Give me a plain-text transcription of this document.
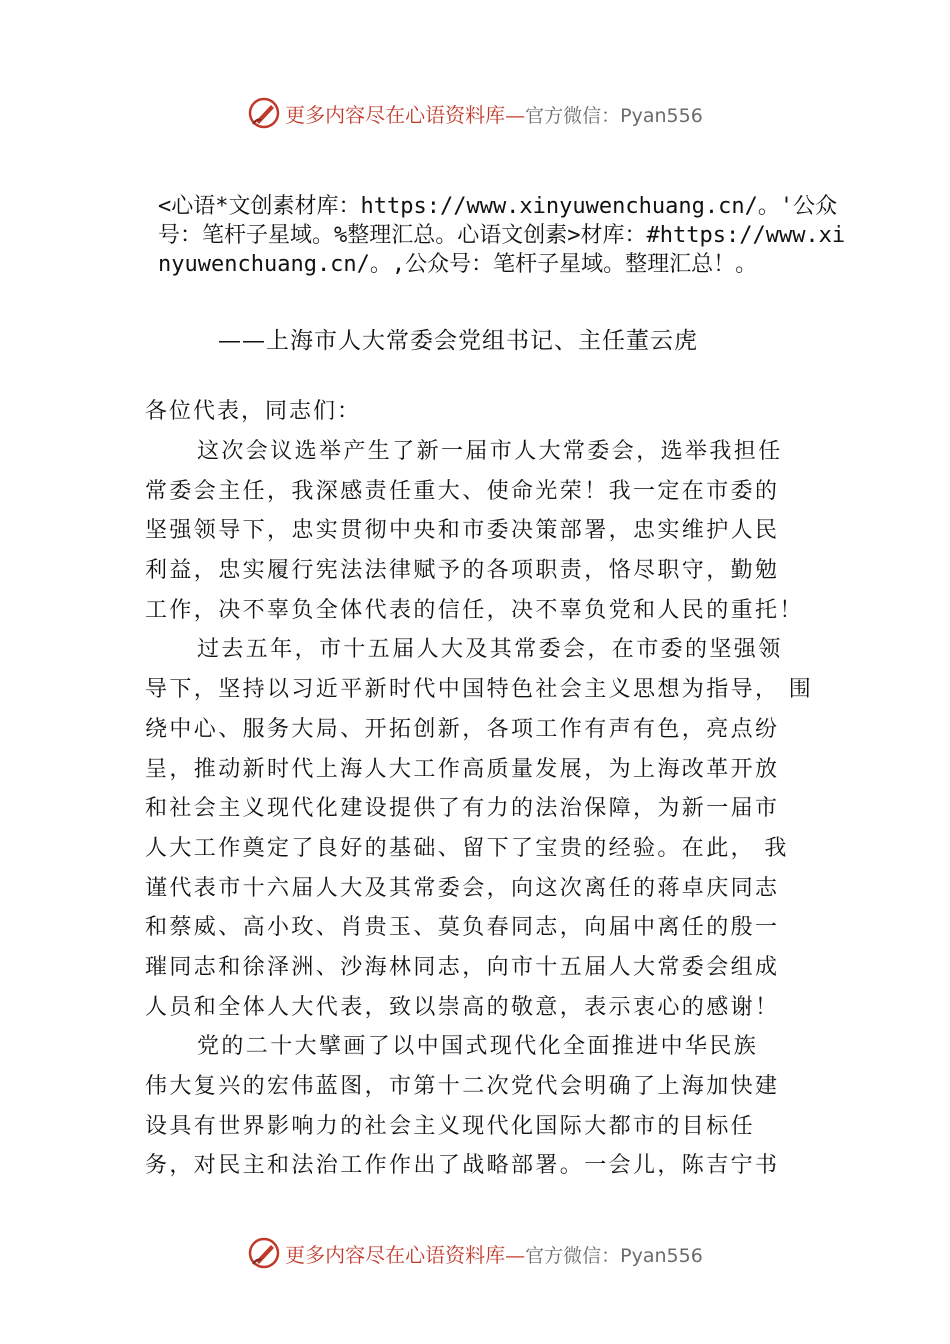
更多内容尽在心语资料库—官方微信：Pyan556
<心语*文创素材库：https://www.xinyuwenchuang.cn/。'公众号：笔杆子星域。%整理汇总。心语文创素>材库：#https://www.xinyuwenchuang.cn/。,公众号：笔杆子星域。整理汇总！。
——上海市人大常委会党组书记、主任董云虎
各位代表，同志们：
这次会议选举产生了新一届市人大常委会，选举我担任
常委会主任，我深感责任重大、使命光荣！我一定在市委的
坚强领导下，忠实贯彻中央和市委决策部署，忠实维护人民
利益，忠实履行宪法法律赋予的各项职责，恪尽职守，勤勉
工作，决不辜负全体代表的信任，决不辜负党和人民的重托！
过去五年，市十五届人大及其常委会，在市委的坚强领
导下，坚持以习近平新时代中国特色社会主义思想为指导， 围
绕中心、服务大局、开拓创新，各项工作有声有色，亮点纷
呈，推动新时代上海人大工作高质量发展，为上海改革开放
和社会主义现代化建设提供了有力的法治保障，为新一届市
人大工作奠定了良好的基础、留下了宝贵的经验。在此， 我
谨代表市十六届人大及其常委会，向这次离任的蒋卓庆同志
和蔡威、高小玫、肖贵玉、莫负春同志，向届中离任的殷一
璀同志和徐泽洲、沙海林同志，向市十五届人大常委会组成
人员和全体人大代表，致以崇高的敬意，表示衷心的感谢！
党的二十大擘画了以中国式现代化全面推进中华民族
伟大复兴的宏伟蓝图，市第十二次党代会明确了上海加快建
设具有世界影响力的社会主义现代化国际大都市的目标任
务，对民主和法治工作作出了战略部署。一会儿，陈吉宁书
更多内容尽在心语资料库—官方微信：Pyan556
